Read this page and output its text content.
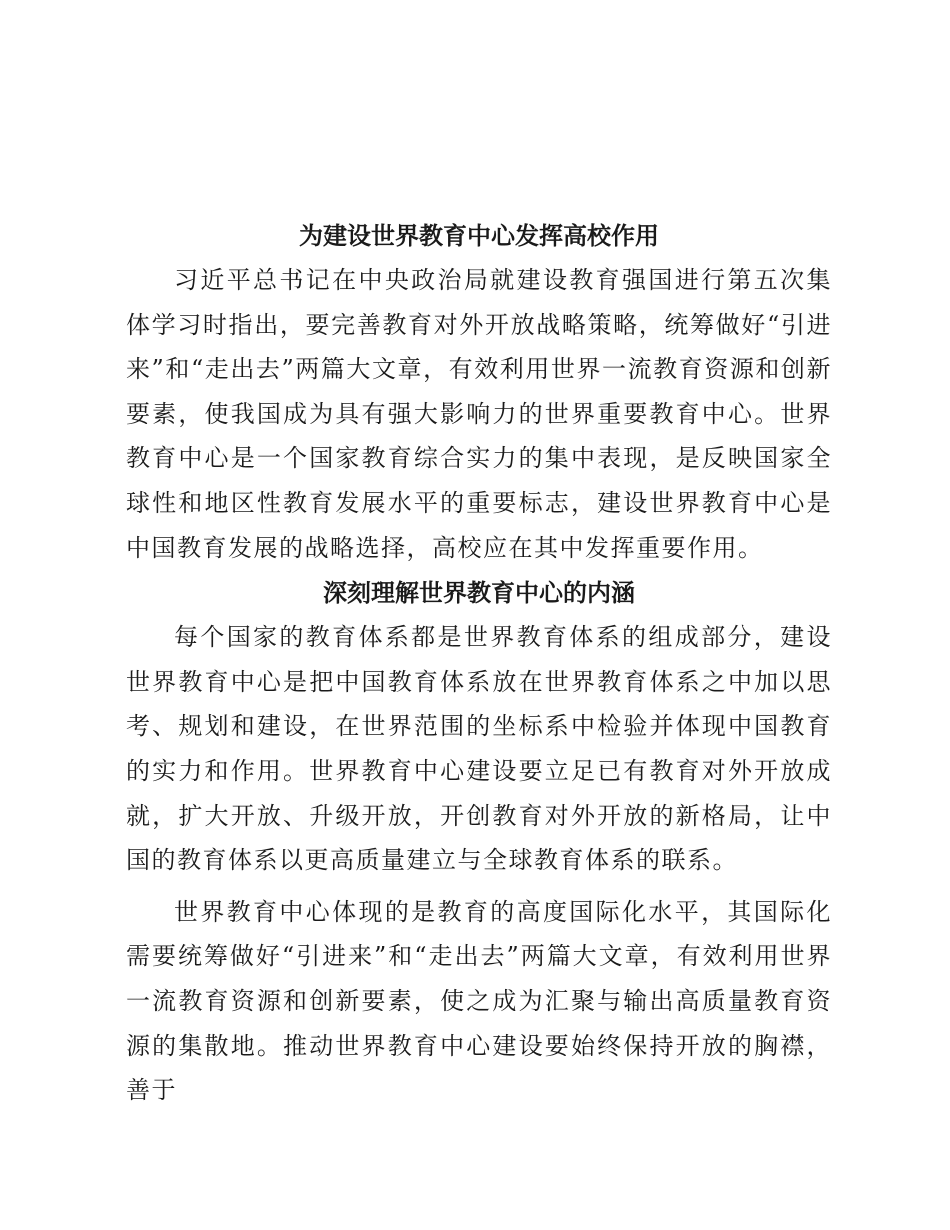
为建设世界教育中心发挥高校作用

习近平总书记在中央政治局就建设教育强国进行第五次集体学习时指出，要完善教育对外开放战略策略，统筹做好“引进来”和“走出去”两篇大文章，有效利用世界一流教育资源和创新要素，使我国成为具有强大影响力的世界重要教育中心。世界教育中心是一个国家教育综合实力的集中表现，是反映国家全球性和地区性教育发展水平的重要标志，建设世界教育中心是中国教育发展的战略选择，高校应在其中发挥重要作用。

深刻理解世界教育中心的内涵

每个国家的教育体系都是世界教育体系的组成部分，建设世界教育中心是把中国教育体系放在世界教育体系之中加以思考、规划和建设，在世界范围的坐标系中检验并体现中国教育的实力和作用。世界教育中心建设要立足已有教育对外开放成就，扩大开放、升级开放，开创教育对外开放的新格局，让中国的教育体系以更高质量建立与全球教育体系的联系。

世界教育中心体现的是教育的高度国际化水平，其国际化需要统筹做好“引进来”和“走出去”两篇大文章，有效利用世界一流教育资源和创新要素，使之成为汇聚与输出高质量教育资源的集散地。推动世界教育中心建设要始终保持开放的胸襟，善于
